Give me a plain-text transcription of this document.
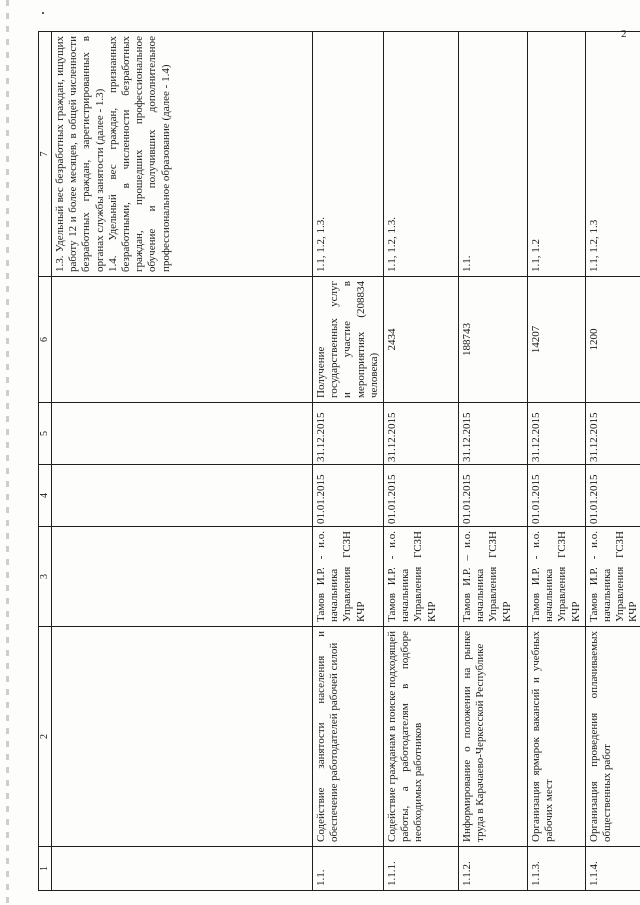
2
1	2	3	4	5	6	7

						1.3. Удельный вес безработных граждан, ищущих работу 12 и более месяцев, в общей численности безработных граждан, зарегистрированных в органах службы занятости (далее - 1.3) 1.4. Удельный вес граждан, признанных безработными, в численности безработных граждан, прошедших профессиональное обучение и получивших дополнительное профессиональное образование (далее - 1.4)

1.1.	Содействие занятости населения и обеспечение работодателей рабочей силой	Тамов И.Р. - и.о. начальника Управления ГСЗН КЧР	01.01.2015	31.12.2015	Получение государственных услуг и участие в мероприятиях (208834 человека)	1.1, 1.2, 1.3.
1.1.1.	Содействие гражданам в поиске подходящей работы, а работодателям в подборе необходимых работников	Тамов И.Р. - и.о. начальника Управления ГСЗН КЧР	01.01.2015	31.12.2015	2434	1.1, 1.2, 1.3.
1.1.2.	Информирование о положении на рынке труда в Карачаево-Черкесской Республике	Тамов И.Р. – и.о. начальника Управления ГСЗН КЧР	01.01.2015	31.12.2015	188743	1.1.
1.1.3.	Организация ярмарок вакансий и учебных рабочих мест	Тамов И.Р. - и.о. начальника Управления ГСЗН КЧР	01.01.2015	31.12.2015	14207	1.1, 1.2
1.1.4.	Организация проведения оплачиваемых общественных работ	Тамов И.Р. - и.о. начальника Управления ГСЗН КЧР	01.01.2015	31.12.2015	1200	1.1, 1.2, 1.3
